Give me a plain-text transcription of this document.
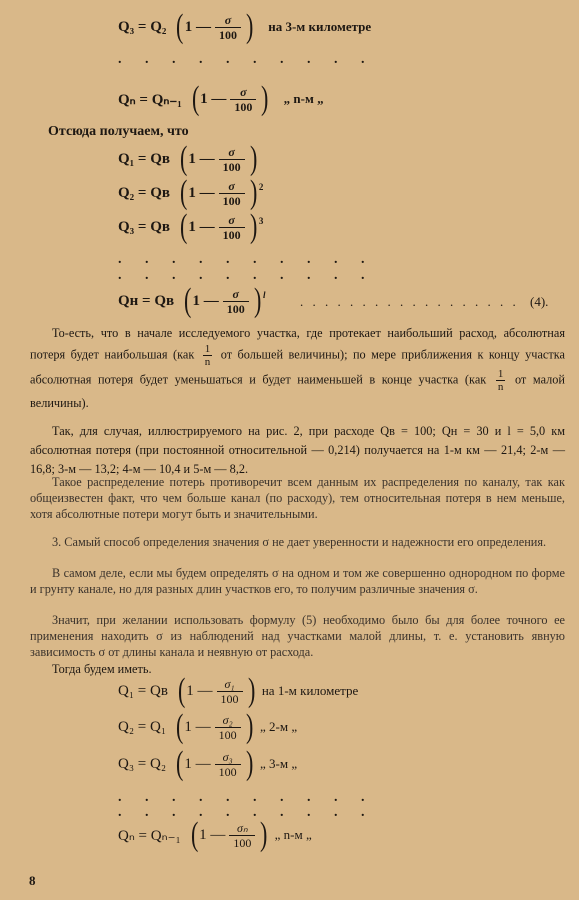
Q₃ = Q₂ ( 1 — $\frac{\sigma}{100}$ ) на 3-м километре
. . . . . . . . . .
Qₙ = Qₙ₋₁ ( 1 — $\frac{\sigma}{100}$ ) „ n-м „
Отсюда получаем, что
Q₁ = Qв ( 1 — $\frac{\sigma}{100}$ )
Q₂ = Qв ( 1 — $\frac{\sigma}{100}$ ) 2
Q₃ = Qв ( 1 — $\frac{\sigma}{100}$ ) 3
. . . . . . . . . .
. . . . . . . . . .
Qн = Qв ( 1 — $\frac{\sigma}{100}$ ) l	. . . . . . . . . . . . . . . . . . (4).
То-есть, что в начале исследуемого участка, где протекает наибольший расход, абсолютная потеря будет наибольшая ($как \frac{1}{n}$ от большей величины); по мере приближения к концу участка абсолютная потеря будет уменьшаться и будет наименьшей в конце участка ($как \frac{1}{n}$ от малой величины).
Так, для случая, иллюстрируемого на рис. 2, при расходе Qв = 100; Qн = 30 и l = 5,0 км абсолютная потеря (при постоянной относительной — 0,214) получается на 1-м км — 21,4; 2-м — 16,8; 3-м — 13,2; 4-м — 10,4 и 5-м — 8,2.
Такое распределение потерь противоречит всем данным их распределения по каналу, так как общеизвестен факт, что чем больше канал (по расходу), тем относительная потеря в нем меньше, хотя абсолютные потери могут быть и значительными.
3. Самый способ определения значения σ не дает уверенности и надежности его определения.
В самом деле, если мы будем определять σ на одном и том же совершенно однородном по форме и грунту канале, но для разных длин участков его, то получим различные значения σ.
Значит, при желании использовать формулу (5) необходимо было бы для более точного ее применения находить σ из наблюдений над участками малой длины, т. е. установить явную зависимость σ от длины канала и неявную от расхода.
Тогда будем иметь.
Q₁ = Qв ( 1 — $\frac{\text{σ₁}}{100}$ ) на 1-м километре
Q₂ = Q₁ ( 1 — $\frac{\text{σ₂}}{100}$ ) „ 2-м „
Q₃ = Q₂ ( 1 — $\frac{\text{σ₃}}{100}$ ) „ 3-м „
. . . . . . . . . .
. . . . . . . . . .
Qₙ = Qₙ₋₁ ( 1 — $\frac{\text{σₙ}}{100}$ ) „ n-м „
8
